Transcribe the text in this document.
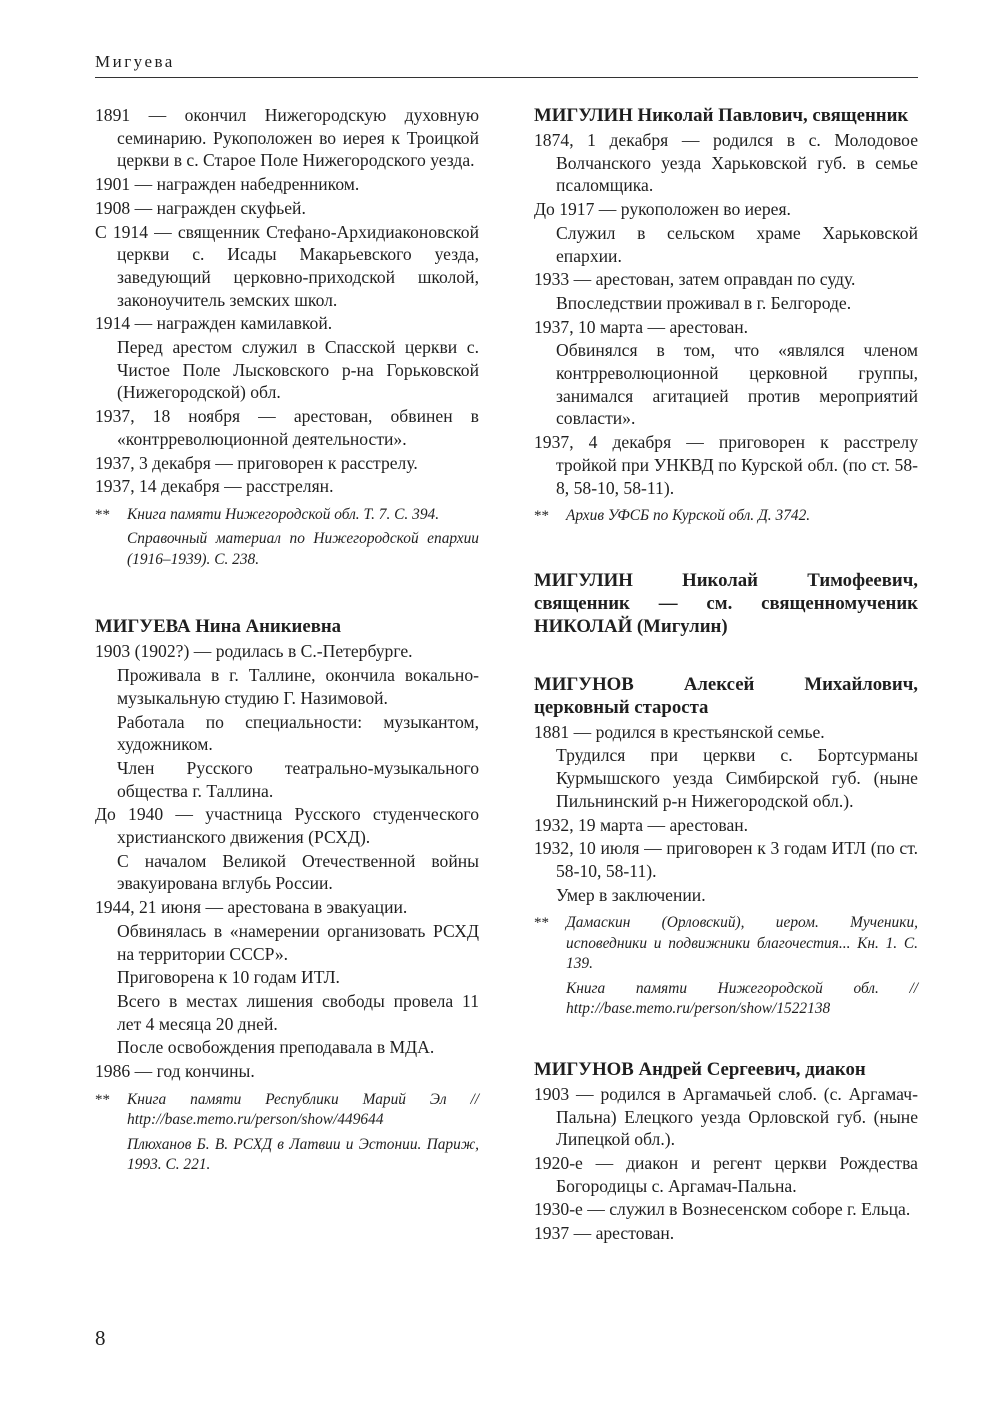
Мигуева
1891 — окончил Нижегородскую духовную семинарию. Рукоположен во иерея к Троицкой церкви в с. Старое Поле Нижегородского уезда.
1901 — награжден набедренником.
1908 — награжден скуфьей.
С 1914 — священник Стефано-Архидиаконовской церкви с. Исады Макарьевского уезда, заведующий церковно-приходской школой, законоучитель земских школ.
1914 — награжден камилавкой.
Перед арестом служил в Спасской церкви с. Чистое Поле Лысковского р-на Горьковской (Нижегородской) обл.
1937, 18 ноября — арестован, обвинен в «контрреволюционной деятельности».
1937, 3 декабря — приговорен к расстрелу.
1937, 14 декабря — расстрелян.
** Книга памяти Нижегородской обл. Т. 7. С. 394.
Справочный материал по Нижегородской епархии (1916–1939). С. 238.
МИГУЕВА Нина Аникиевна
1903 (1902?) — родилась в С.-Петербурге.
Проживала в г. Таллине, окончила вокально-музыкальную студию Г. Назимовой.
Работала по специальности: музыкантом, художником.
Член Русского театрально-музыкального общества г. Таллина.
До 1940 — участница Русского студенческого христианского движения (РСХД).
С началом Великой Отечественной войны эвакуирована вглубь России.
1944, 21 июня — арестована в эвакуации.
Обвинялась в «намерении организовать РСХД на территории СССР».
Приговорена к 10 годам ИТЛ.
Всего в местах лишения свободы провела 11 лет 4 месяца 20 дней.
После освобождения преподавала в МДА.
1986 — год кончины.
** Книга памяти Республики Марий Эл // http://base.memo.ru/person/show/449644
Плюханов Б. В. РСХД в Латвии и Эстонии. Париж, 1993. С. 221.
МИГУЛИН Николай Павлович, священник
1874, 1 декабря — родился в с. Молодовое Волчанского уезда Харьковской губ. в семье псаломщика.
До 1917 — рукоположен во иерея.
Служил в сельском храме Харьковской епархии.
1933 — арестован, затем оправдан по суду.
Впоследствии проживал в г. Белгороде.
1937, 10 марта — арестован.
Обвинялся в том, что «являлся членом контрреволюционной церковной группы, занимался агитацией против мероприятий совласти».
1937, 4 декабря — приговорен к расстрелу тройкой при УНКВД по Курской обл. (по ст. 58-8, 58-10, 58-11).
** Архив УФСБ по Курской обл. Д. 3742.
МИГУЛИН Николай Тимофеевич, священник — см. священномученик НИКОЛАЙ (Мигулин)
МИГУНОВ Алексей Михайлович, церковный староста
1881 — родился в крестьянской семье.
Трудился при церкви с. Бортсурманы Курмышского уезда Симбирской губ. (ныне Пильнинский р-н Нижегородской обл.).
1932, 19 марта — арестован.
1932, 10 июля — приговорен к 3 годам ИТЛ (по ст. 58-10, 58-11).
Умер в заключении.
** Дамаскин (Орловский), иером. Мученики, исповедники и подвижники благочестия... Кн. 1. С. 139.
Книга памяти Нижегородской обл. // http://base.memo.ru/person/show/1522138
МИГУНОВ Андрей Сергеевич, диакон
1903 — родился в Аргамачьей слоб. (с. Аргамач-Пальна) Елецкого уезда Орловской губ. (ныне Липецкой обл.).
1920-е — диакон и регент церкви Рождества Богородицы с. Аргамач-Пальна.
1930-е — служил в Вознесенском соборе г. Ельца.
1937 — арестован.
8
